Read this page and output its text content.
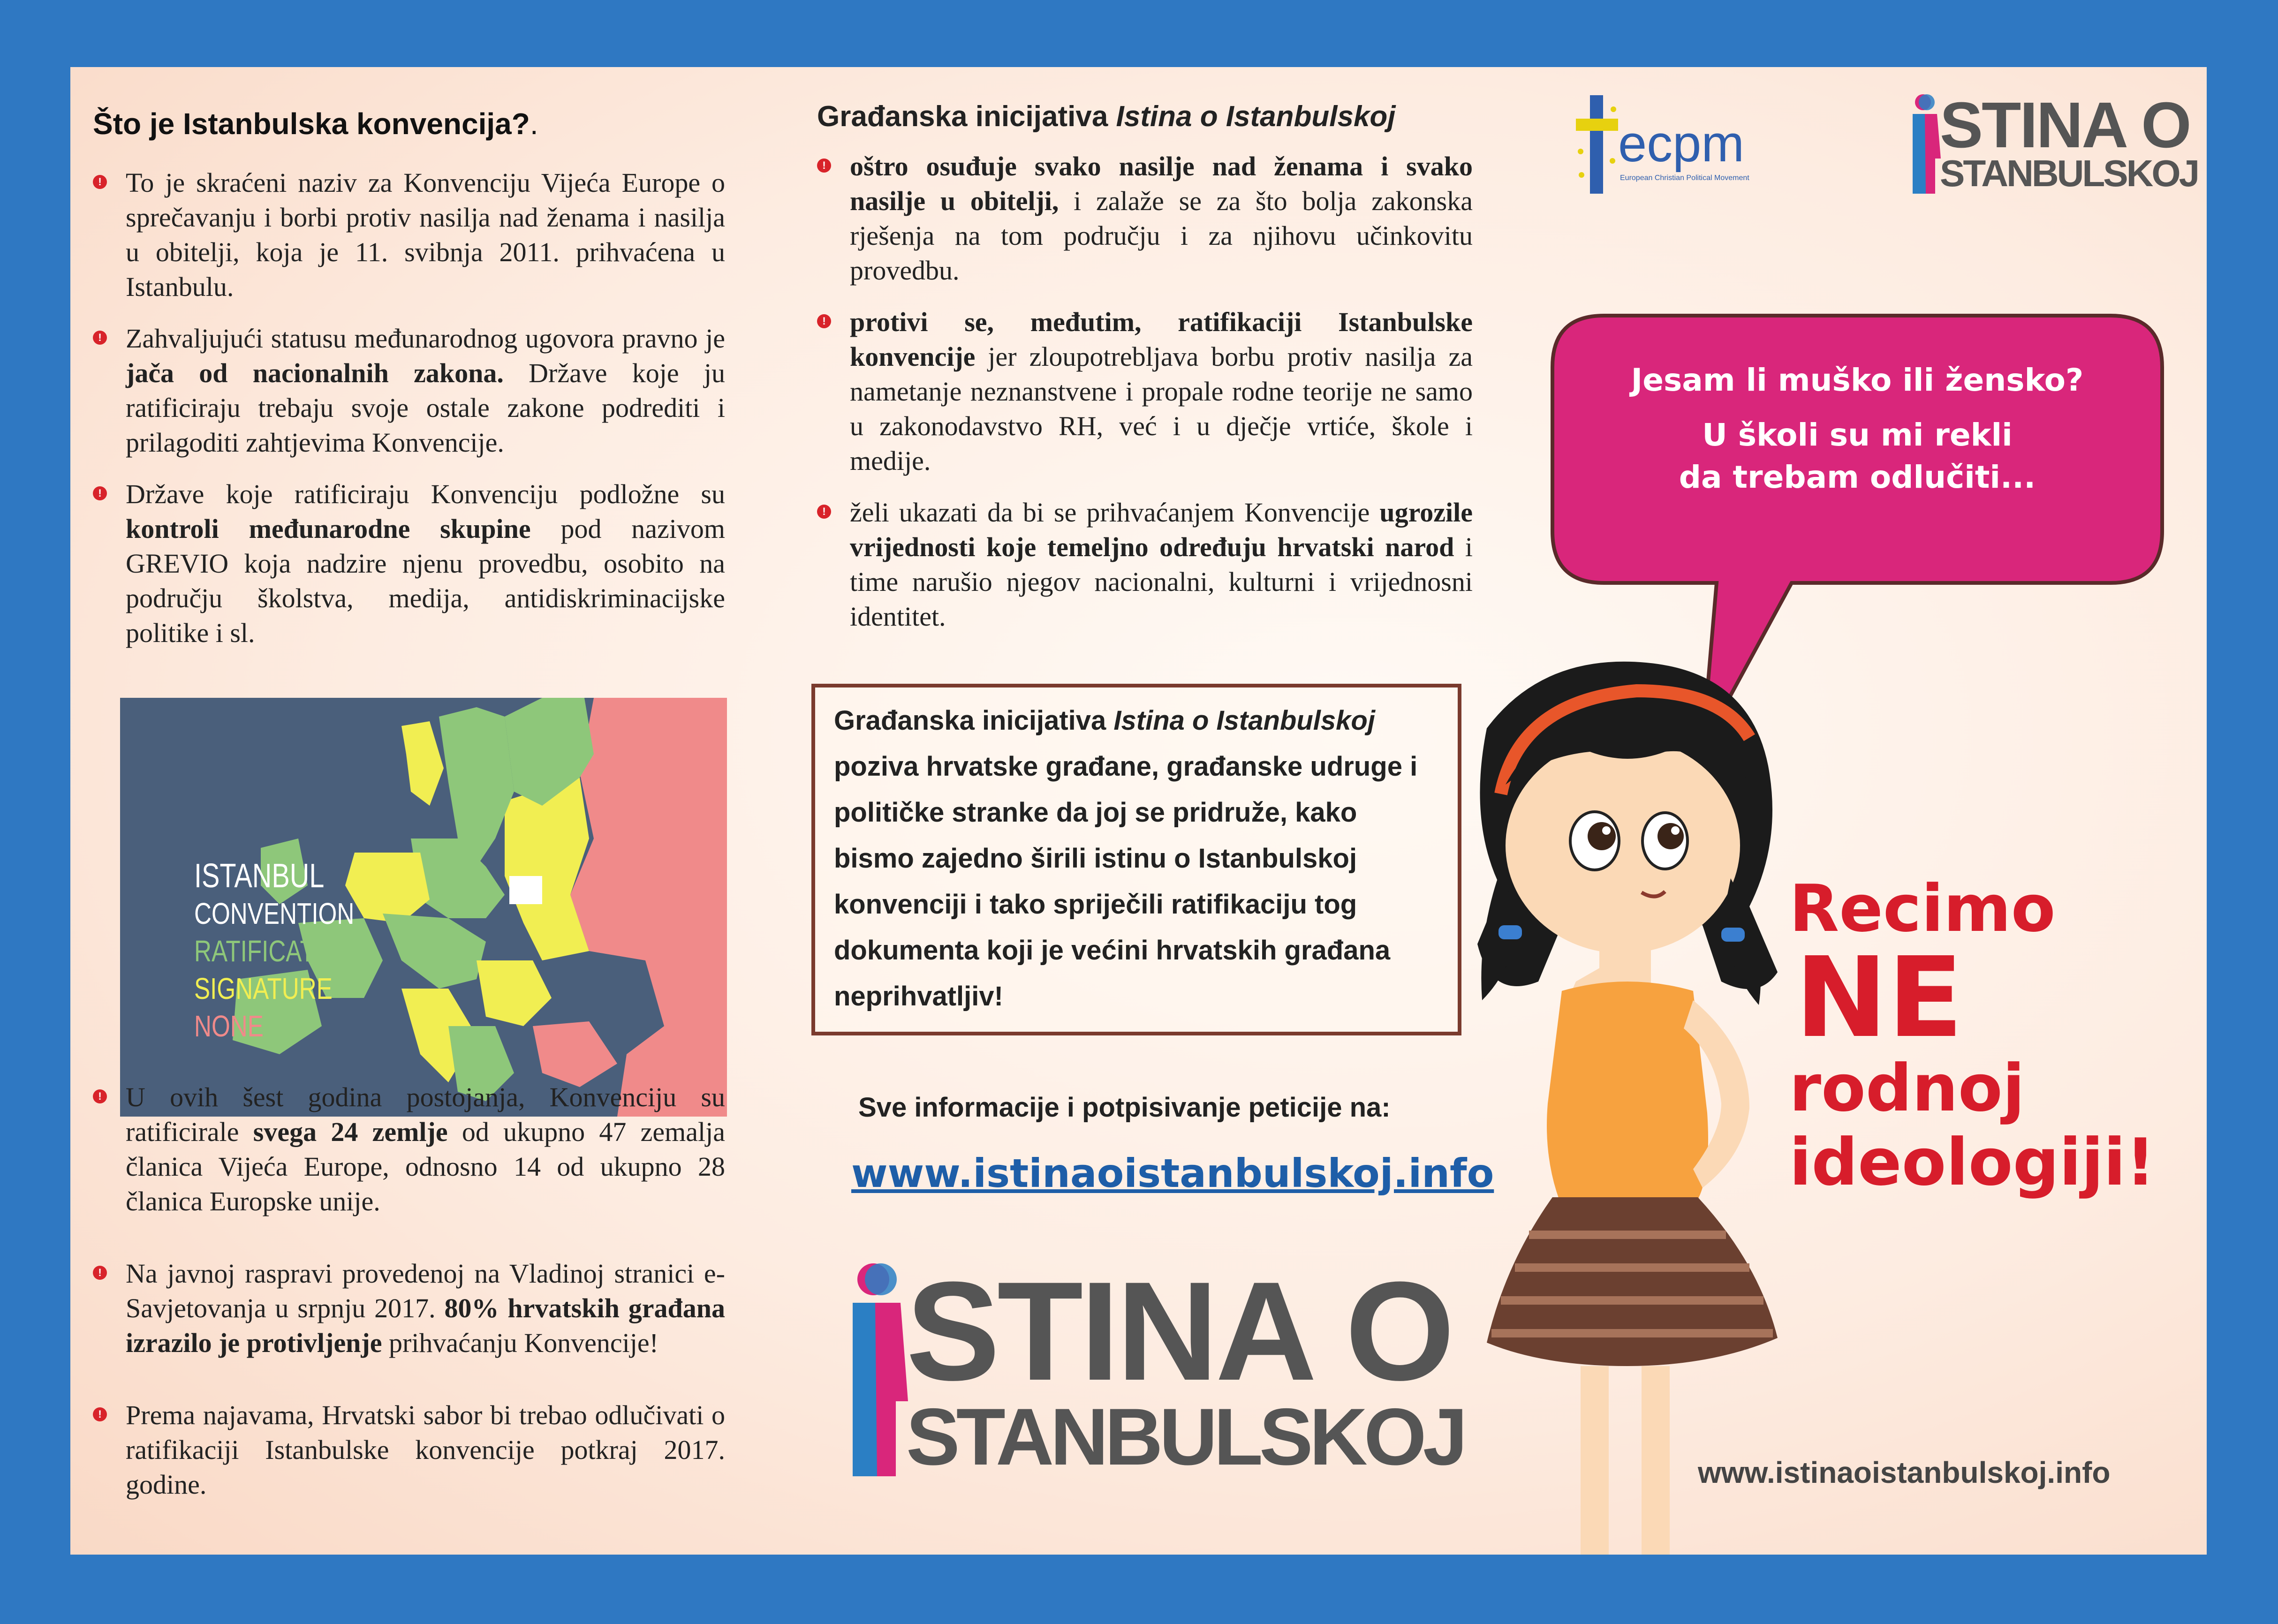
Što je Istanbulska konvencija?.

! To je skraćeni naziv za Konvenciju Vijeća Europe o sprečavanju i borbi protiv nasilja nad ženama i nasilja u obitelji, koja je 11. svibnja 2011. prihvaćena u Istanbulu.

! Zahvaljujući statusu međunarodnog ugovora pravno je jača od nacionalnih zakona. Države koje ju ratificiraju trebaju svoje ostale zakone podrediti i prilagoditi zahtjevima Konvencije.

! Države koje ratificiraju Konvenciju podložne su kontroli međunarodne skupine pod nazivom GREVIO koja nadzire njenu provedbu, osobito na području školstva, medija, antidiskriminacijske politike i sl.

ISTANBUL
CONVENTION
RATIFICATION
SIGNATURE
NONE

! U ovih šest godina postojanja, Konvenciju su ratificirale svega 24 zemlje od ukupno 47 zemalja članica Vijeća Europe, odnosno 14 od ukupno 28 članica Europske unije.

! Na javnoj raspravi provedenoj na Vladinoj stranici e-Savjetovanja u srpnju 2017. 80% hrvatskih građana izrazilo je protivljenje prihvaćanju Konvencije!

! Prema najavama, Hrvatski sabor bi trebao odlučivati o ratifikaciji Istanbulske konvencije potkraj 2017. godine.

Građanska inicijativa Istina o Istanbulskoj

! oštro osuđuje svako nasilje nad ženama i svako nasilje u obitelji, i zalaže se za što bolja zakonska rješenja na tom području i za njihovu učinkovitu provedbu.

! protivi se, međutim, ratifikaciji Istanbulske konvencije jer zloupotrebljava borbu protiv nasilja za nametanje neznanstvene i propale rodne teorije ne samo u zakonodavstvo RH, već i u dječje vrtiće, škole i medije.

! želi ukazati da bi se prihvaćanjem Konvencije ugrozile vrijednosti koje temeljno određuju hrvatski narod i time narušio njegov nacionalni, kulturni i vrijednosni identitet.

Građanska inicijativa Istina o Istanbulskoj poziva hrvatske građane, građanske udruge i političke stranke da joj se pridruže, kako bismo zajedno širili istinu o Istanbulskoj konvenciji i tako spriječili ratifikaciju tog dokumenta koji je većini hrvatskih građana neprihvatljiv!
Sve informacije i potpisivanje peticije na:
www.istinaoistanbulskoj.info
STINA O
STANBULSKOJ
ecpm
European Christian Political Movement
STINA O
STANBULSKOJ
Jesam li muško ili žensko?
U školi su mi rekli
da trebam odlučiti...
Recimo
NE
rodnoj
ideologiji!
www.istinaoistanbulskoj.info
